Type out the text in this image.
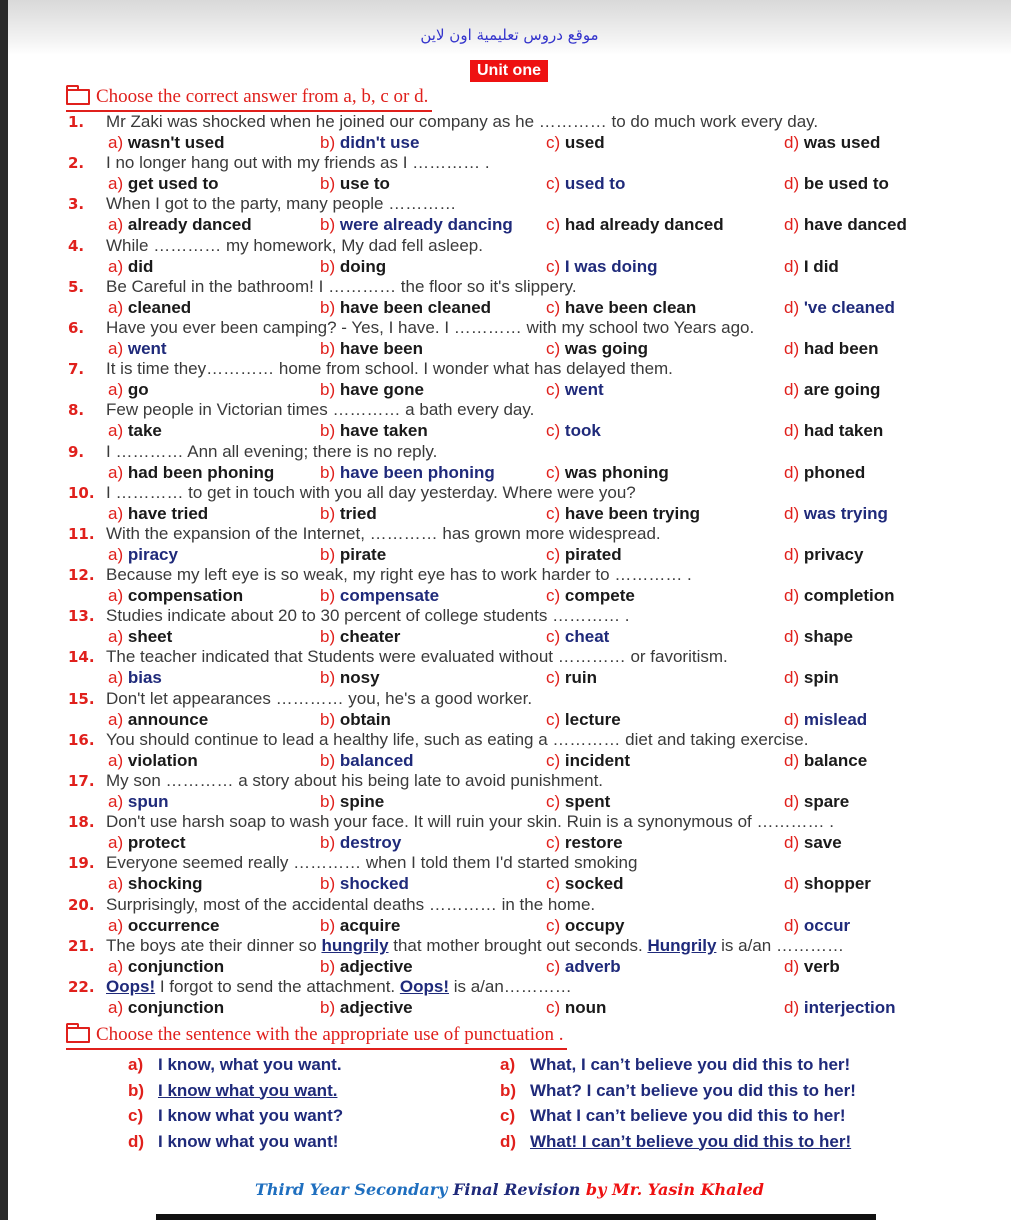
موقع دروس تعليمية اون لاين
Unit one
Choose the correct answer from a, b, c or d.
1. Mr Zaki was shocked when he joined our company as he ………… to do much work every day.
a) wasn't used	b) didn't use	c) used	d) was used
2. I no longer hang out with my friends as I ………… .
a) get used to	b) use to	c) used to	d) be used to
3. When I got to the party, many people …………
a) already danced	b) were already dancing c) had already danced	d) have danced
4. While ………… my homework, My dad fell asleep.
a) did	b) doing	c) I was doing	d) I did
5. Be Careful in the bathroom! I ………… the floor so it's slippery.
a) cleaned	b) have been cleaned	c) have been clean	d) 've cleaned
6. Have you ever been camping? - Yes, I have. I ………… with my school two Years ago.
a) went	b) have been	c) was going	d) had been
7. It is time they………… home from school. I wonder what has delayed them.
a) go	b) have gone	c) went	d) are going
8. Few people in Victorian times ………… a bath every day.
a) take	b) have taken	c) took	d) had taken
9. I ………… Ann all evening; there is no reply.
a) had been phoning	b) have been phoning	c) was phoning	d) phoned
10. I ………… to get in touch with you all day yesterday. Where were you?
a) have tried	b) tried	c) have been trying	d) was trying
11. With the expansion of the Internet, ………… has grown more widespread.
a) piracy	b) pirate	c) pirated	d) privacy
12. Because my left eye is so weak, my right eye has to work harder to ………… .
a) compensation	b) compensate	c) compete	d) completion
13. Studies indicate about 20 to 30 percent of college students ………… .
a) sheet	b) cheater	c) cheat	d) shape
14. The teacher indicated that Students were evaluated without ………… or favoritism.
a) bias	b) nosy	c) ruin	d) spin
15. Don't let appearances ………… you, he's a good worker.
a) announce	b) obtain	c) lecture	d) mislead
16. You should continue to lead a healthy life, such as eating a ………… diet and taking exercise.
a) violation	b) balanced	c) incident	d) balance
17. My son ………… a story about his being late to avoid punishment.
a) spun	b) spine	c) spent	d) spare
18. Don't use harsh soap to wash your face. It will ruin your skin. Ruin is a synonymous of ………… .
a) protect	b) destroy	c) restore	d) save
19. Everyone seemed really ………… when I told them I'd started smoking
a) shocking	b) shocked	c) socked	d) shopper
20. Surprisingly, most of the accidental deaths ………… in the home.
a) occurrence	b) acquire	c) occupy	d) occur
21. The boys ate their dinner so hungrily that mother brought out seconds. Hungrily is a/an …………
a) conjunction	b) adjective	c) adverb	d) verb
22. Oops! I forgot to send the attachment. Oops! is a/an…………
a) conjunction	b) adjective	c) noun	d) interjection
Choose the sentence with the appropriate use of punctuation .
a) I know, what you want.
b) I know what you want.
c) I know what you want?
d) I know what you want!
a) What, I can’t believe you did this to her!
b) What? I can’t believe you did this to her!
c) What I can’t believe you did this to her!
d) What! I can’t believe you did this to her!
Third Year Secondary Final Revision by Mr. Yasin Khaled
